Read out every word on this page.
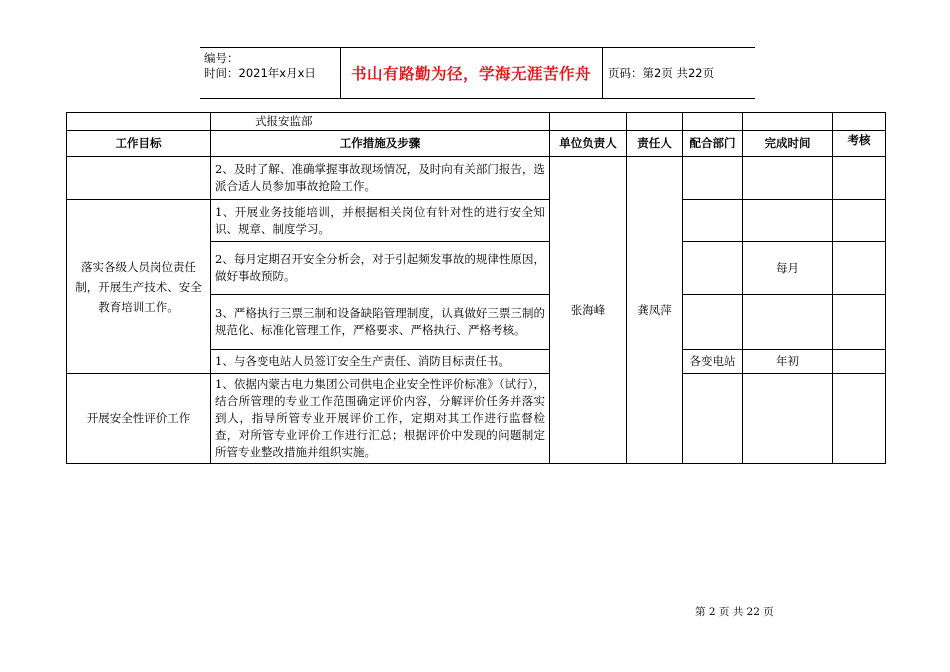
编号：
时间：2021年x月x日	书山有路勤为径，学海无涯苦作舟	页码：第2页 共22页
	式报安监部					
工作目标	工作措施及步骤	单位负责人	责任人	配合部门	完成时间	考核
	2、及时了解、准确掌握事故现场情况，及时向有关部门报告，选派合适人员参加事故抢险工作。	张海峰	龚凤萍			
落实各级人员岗位责任制，开展生产技术、安全教育培训工作。	1、开展业务技能培训，并根据相关岗位有针对性的进行安全知识、规章、制度学习。					
	2、每月定期召开安全分析会，对于引起频发事故的规律性原因，做好事故预防。				每月	
	3、严格执行三票三制和设备缺陷管理制度，认真做好三票三制的规范化、标准化管理工作，严格要求、严格执行、严格考核。					
	1、与各变电站人员签订安全生产责任、消防目标责任书。			各变电站	年初	
开展安全性评价工作	1、依据内蒙古电力集团公司供电企业安全性评价标准》（试行），结合所管理的专业工作范围确定评价内容，分解评价任务并落实到人，指导所管专业开展评价工作，定期对其工作进行监督检查，对所管专业评价工作进行汇总；根据评价中发现的问题制定所管专业整改措施并组织实施。					
第 2 页 共 22 页
